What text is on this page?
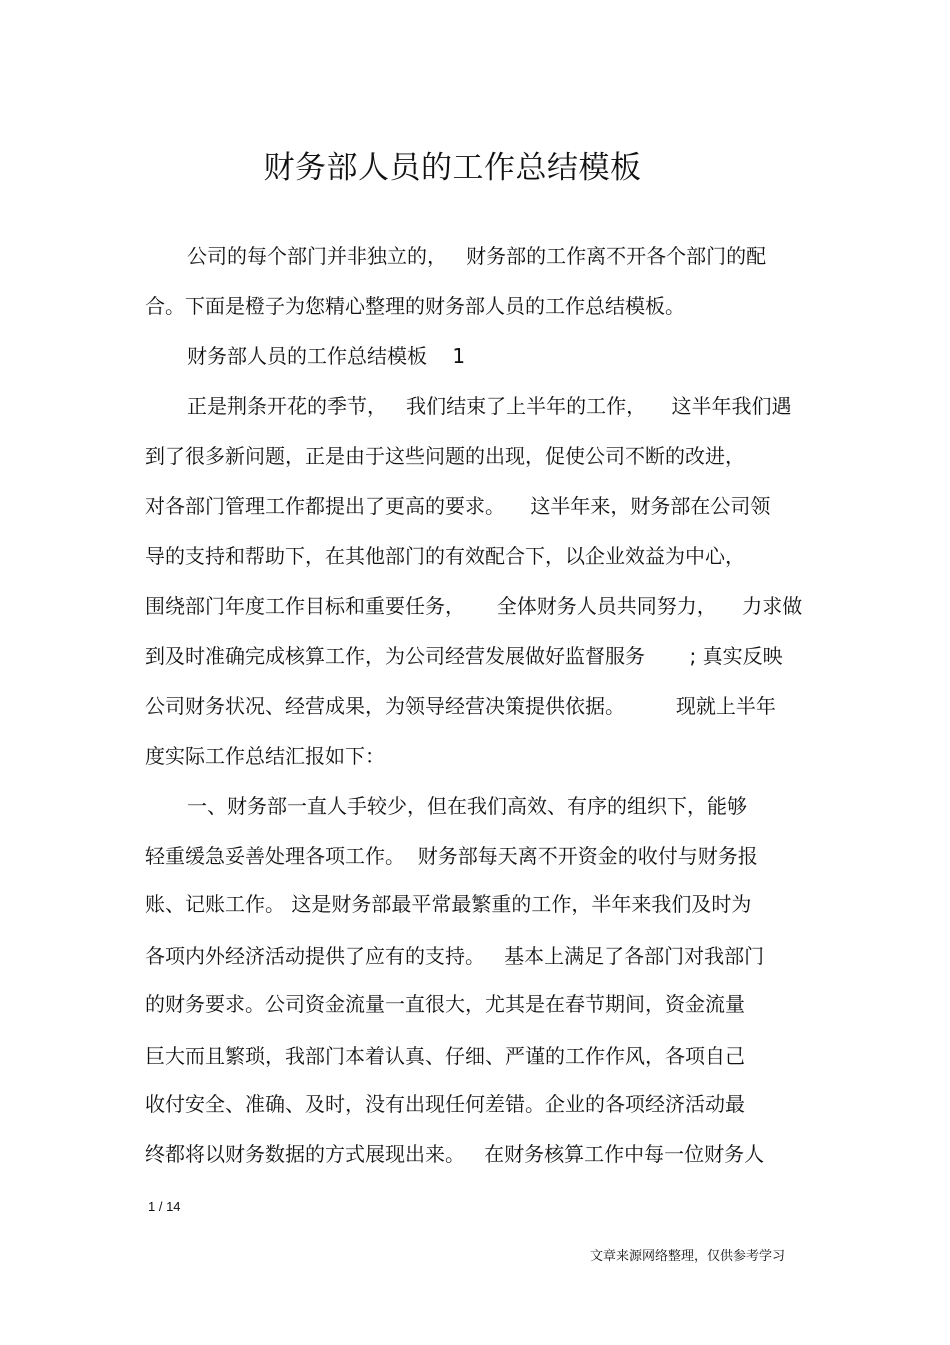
财务部人员的工作总结模板
公司的每个部门并非独立的，   财务部的工作离不开各个部门的配
合。下面是橙子为您精心整理的财务部人员的工作总结模板。
财务部人员的工作总结模板    1
正是荆条开花的季节，   我们结束了上半年的工作，    这半年我们遇
到了很多新问题，正是由于这些问题的出现，促使公司不断的改进，
对各部门管理工作都提出了更高的要求。    这半年来，财务部在公司领
导的支持和帮助下，在其他部门的有效配合下，以企业效益为中心，
围绕部门年度工作目标和重要任务，     全体财务人员共同努力，    力求做
到及时准确完成核算工作，为公司经营发展做好监督服务       ; 真实反映
公司财务状况、经营成果，为领导经营决策提供依据。        现就上半年
度实际工作总结汇报如下：
一、财务部一直人手较少，但在我们高效、有序的组织下，能够
轻重缓急妥善处理各项工作。  财务部每天离不开资金的收付与财务报
账、记账工作。 这是财务部最平常最繁重的工作，半年来我们及时为
各项内外经济活动提供了应有的支持。   基本上满足了各部门对我部门
的财务要求。公司资金流量一直很大，尤其是在春节期间，资金流量
巨大而且繁琐，我部门本着认真、仔细、严谨的工作作风，各项自己
收付安全、准确、及时，没有出现任何差错。企业的各项经济活动最
终都将以财务数据的方式展现出来。   在财务核算工作中每一位财务人
1 / 14
文章来源网络整理，仅供参考学习
